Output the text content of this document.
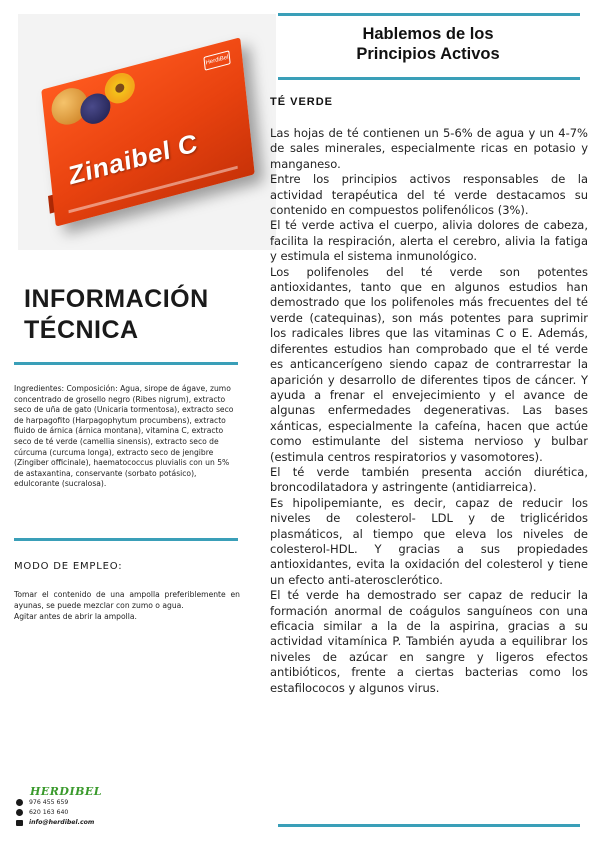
HerdiBel
Zinaibel C
INFORMACIÓN
TÉCNICA

Ingredientes: Composición: Agua, sirope de ágave, zumo concentrado de grosello negro (Ribes nigrum), extracto seco de uña de gato (Unicaria tormentosa), extracto seco de harpagofito (Harpagophytum procumbens), extracto fluido de árnica (árnica montana), vitamina C, extracto seco de té verde (camellia sinensis), extracto seco de cúrcuma (curcuma longa), extracto seco de jengibre (Zingiber officinale), haematococcus pluvialis con un 5% de astaxantina, conservante (sorbato potásico), edulcorante (sucralosa).

MODO DE EMPLEO:

Tomar el contenido de una ampolla preferiblemente en ayunas, se puede mezclar con zumo o agua.

Agitar antes de abrir la ampolla.

HERDIBEL

976 455 659
620 163 640
info@herdibel.com
Hablemos de los
Principios Activos

TÉ VERDE

Las hojas de té contienen un 5-6% de agua y un 4-7% de sales minerales, especialmente ricas en potasio y manganeso.

Entre los principios activos responsables de la actividad terapéutica del té verde destacamos su contenido en compuestos polifenólicos (3%).

El té verde activa el cuerpo, alivia dolores de cabeza, facilita la respiración, alerta el cerebro, alivia la fatiga y estimula el sistema inmunológico.

Los polifenoles del té verde son potentes antioxidantes, tanto que en algunos estudios han demostrado que los polifenoles más frecuentes del té verde (catequinas), son más potentes para suprimir los radicales libres que las vitaminas C o E. Además, diferentes estudios han comprobado que el té verde es anticancerígeno siendo capaz de contrarrestar la aparición y desarrollo de diferentes tipos de cáncer. Y ayuda a frenar el envejecimiento y el avance de algunas enfermedades degenerativas. Las bases xánticas, especialmente la cafeína, hacen que actúe como estimulante del sistema nervioso y bulbar (estimula centros respiratorios y vasomotores).

El té verde también presenta acción diurética, broncodilatadora y astringente (antidiarreica).

Es hipolipemiante, es decir, capaz de reducir los niveles de colesterol- LDL y de triglicéridos plasmáticos, al tiempo que eleva los niveles de colesterol-HDL. Y gracias a sus propiedades antioxidantes, evita la oxidación del colesterol y tiene un efecto anti-aterosclerótico.

El té verde ha demostrado ser capaz de reducir la formación anormal de coágulos sanguíneos con una eficacia similar a la de la aspirina, gracias a su actividad vitamínica P. También ayuda a equilibrar los niveles de azúcar en sangre y ligeros efectos antibióticos, frente a ciertas bacterias como los estafilococos y algunos virus.
